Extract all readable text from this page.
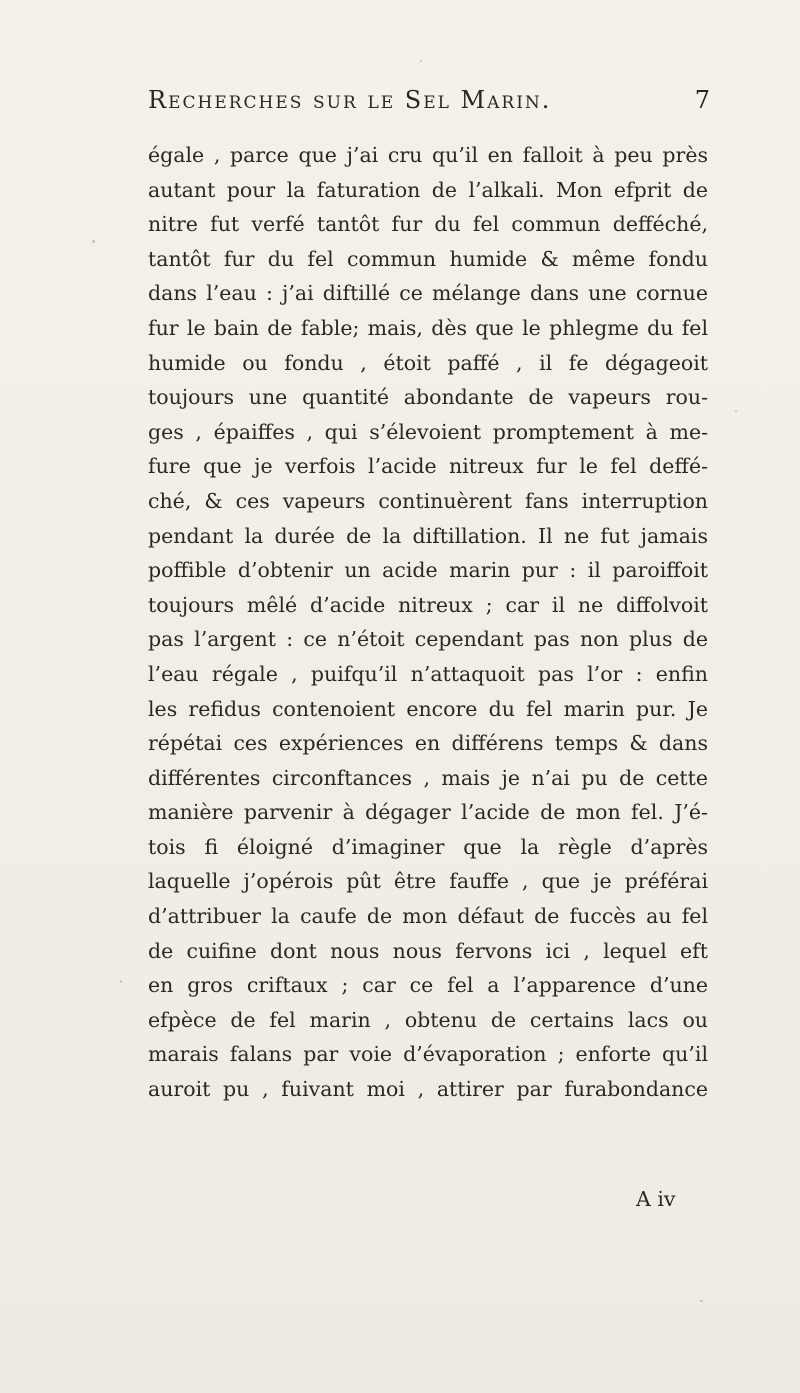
Recherches sur le Sel Marin.	7
égale , parce que j’ai cru qu’il en falloit à peu près
autant pour la faturation de l’alkali. Mon efprit de
nitre fut verfé tantôt fur du fel commun defféché,
tantôt fur du fel commun humide & même fondu
dans l’eau : j’ai diftillé ce mélange dans une cornue
fur le bain de fable; mais, dès que le phlegme du fel
humide ou fondu , étoit paffé , il fe dégageoit
toujours une quantité abondante de vapeurs rou-
ges , épaiffes , qui s’élevoient promptement à me-
fure que je verfois l’acide nitreux fur le fel deffé-
ché, & ces vapeurs continuèrent fans interruption
pendant la durée de la diftillation. Il ne fut jamais
poffible d’obtenir un acide marin pur : il paroiffoit
toujours mêlé d’acide nitreux ; car il ne diffolvoit
pas l’argent : ce n’étoit cependant pas non plus de
l’eau régale , puifqu’il n’attaquoit pas l’or : enfin
les refidus contenoient encore du fel marin pur. Je
répétai ces expériences en différens temps & dans
différentes circonftances , mais je n’ai pu de cette
manière parvenir à dégager l’acide de mon fel. J’é-
tois fi éloigné d’imaginer que la règle d’après
laquelle j’opérois pût être fauffe , que je préférai
d’attribuer la caufe de mon défaut de fuccès au fel
de cuifine dont nous nous fervons ici , lequel eft
en gros criftaux ; car ce fel a l’apparence d’une
efpèce de fel marin , obtenu de certains lacs ou
marais falans par voie d’évaporation ; enforte qu’il
auroit pu , fuivant moi , attirer par furabondance
A iv
